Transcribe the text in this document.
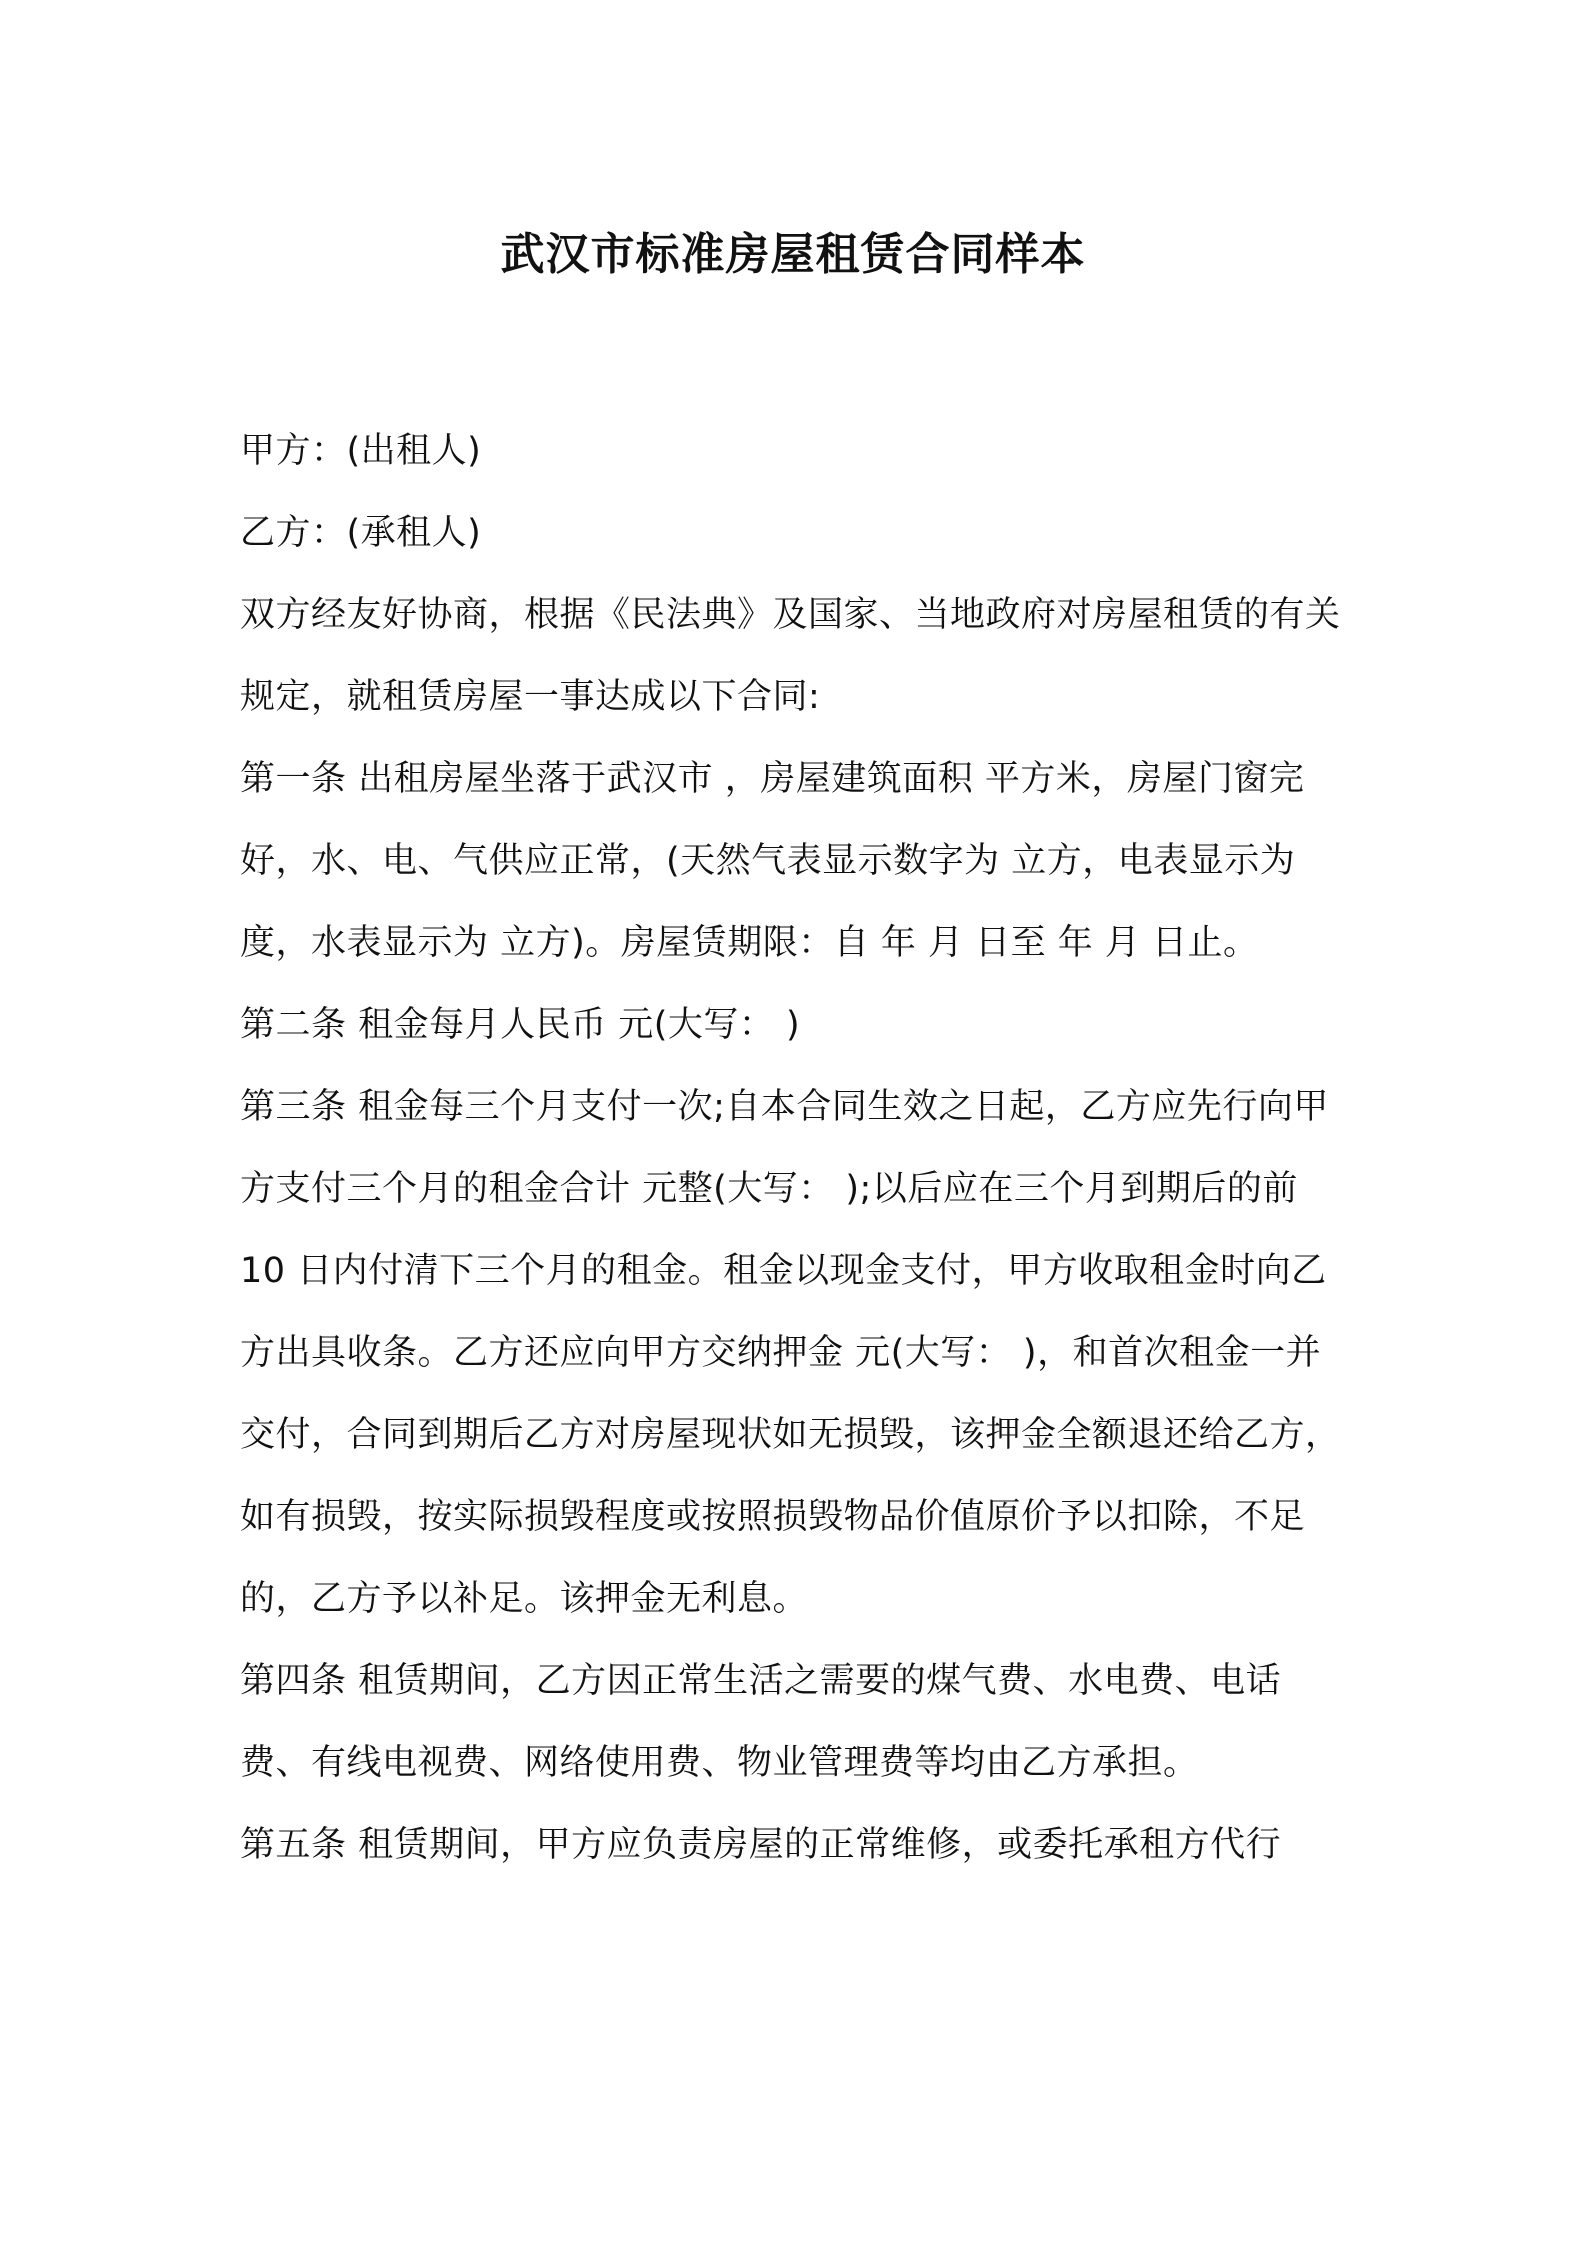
武汉市标准房屋租赁合同样本

甲方：(出租人)

乙方：(承租人)

双方经友好协商，根据《民法典》及国家、当地政府对房屋租赁的有关规定，就租赁房屋一事达成以下合同:

第一条 出租房屋坐落于武汉市 ，房屋建筑面积 平方米，房屋门窗完好，水、电、气供应正常，(天然气表显示数字为 立方，电表显示为 度，水表显示为 立方)。房屋赁期限：自 年 月 日至 年 月 日止。

第二条 租金每月人民币 元(大写： )

第三条 租金每三个月支付一次;自本合同生效之日起，乙方应先行向甲方支付三个月的租金合计 元整(大写： );以后应在三个月到期后的前 10 日内付清下三个月的租金。租金以现金支付，甲方收取租金时向乙方出具收条。乙方还应向甲方交纳押金 元(大写： )，和首次租金一并交付，合同到期后乙方对房屋现状如无损毁，该押金全额退还给乙方，如有损毁，按实际损毁程度或按照损毁物品价值原价予以扣除，不足的，乙方予以补足。该押金无利息。

第四条 租赁期间，乙方因正常生活之需要的煤气费、水电费、电话费、有线电视费、网络使用费、物业管理费等均由乙方承担。

第五条 租赁期间，甲方应负责房屋的正常维修，或委托承租方代行
